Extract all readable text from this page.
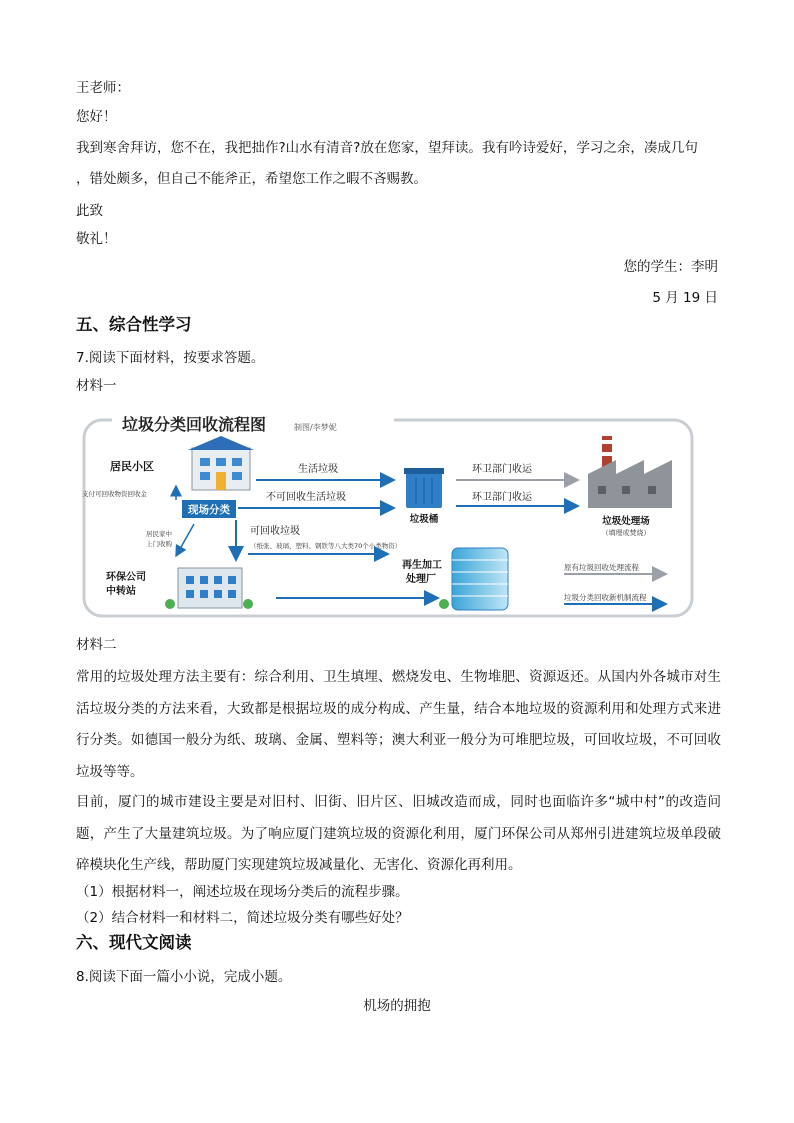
王老师：
您好！
我到寒舍拜访，您不在，我把拙作?山水有清音?放在您家，望拜读。我有吟诗爱好，学习之余，凑成几句
，错处颇多，但自己不能斧正，希望您工作之暇不吝赐教。
此致
敬礼！
您的学生：李明
5 月 19 日
五、综合性学习
7.阅读下面材料，按要求答题。
材料一
垃圾分类回收流程图	制图/李梦妮
居民小区
支付可回收物资回收金
现场分类
生活垃圾
不可回收生活垃圾
垃圾桶
环卫部门收运
环卫部门收运
垃圾处理场
（填埋或焚烧）
可回收垃圾
（纸张、玻璃、塑料、钢铁等八大类70个小类物资）
居民家中
上门收购
环保公司
中转站
再生加工
处理厂
原有垃圾回收处理流程
垃圾分类回收新机制流程
材料二
常用的垃圾处理方法主要有：综合利用、卫生填埋、燃烧发电、生物堆肥、资源返还。从国内外各城市对生活垃圾分类的方法来看，大致都是根据垃圾的成分构成、产生量，结合本地垃圾的资源利用和处理方式来进行分类。如德国一般分为纸、玻璃、金属、塑料等；澳大利亚一般分为可堆肥垃圾，可回收垃圾，不可回收垃圾等等。
目前，厦门的城市建设主要是对旧村、旧街、旧片区、旧城改造而成，同时也面临许多“城中村”的改造问题，产生了大量建筑垃圾。为了响应厦门建筑垃圾的资源化利用，厦门环保公司从郑州引进建筑垃圾单段破碎模块化生产线，帮助厦门实现建筑垃圾减量化、无害化、资源化再利用。
（1）根据材料一，阐述垃圾在现场分类后的流程步骤。
（2）结合材料一和材料二，简述垃圾分类有哪些好处？
六、现代文阅读
8.阅读下面一篇小小说，完成小题。
机场的拥抱
